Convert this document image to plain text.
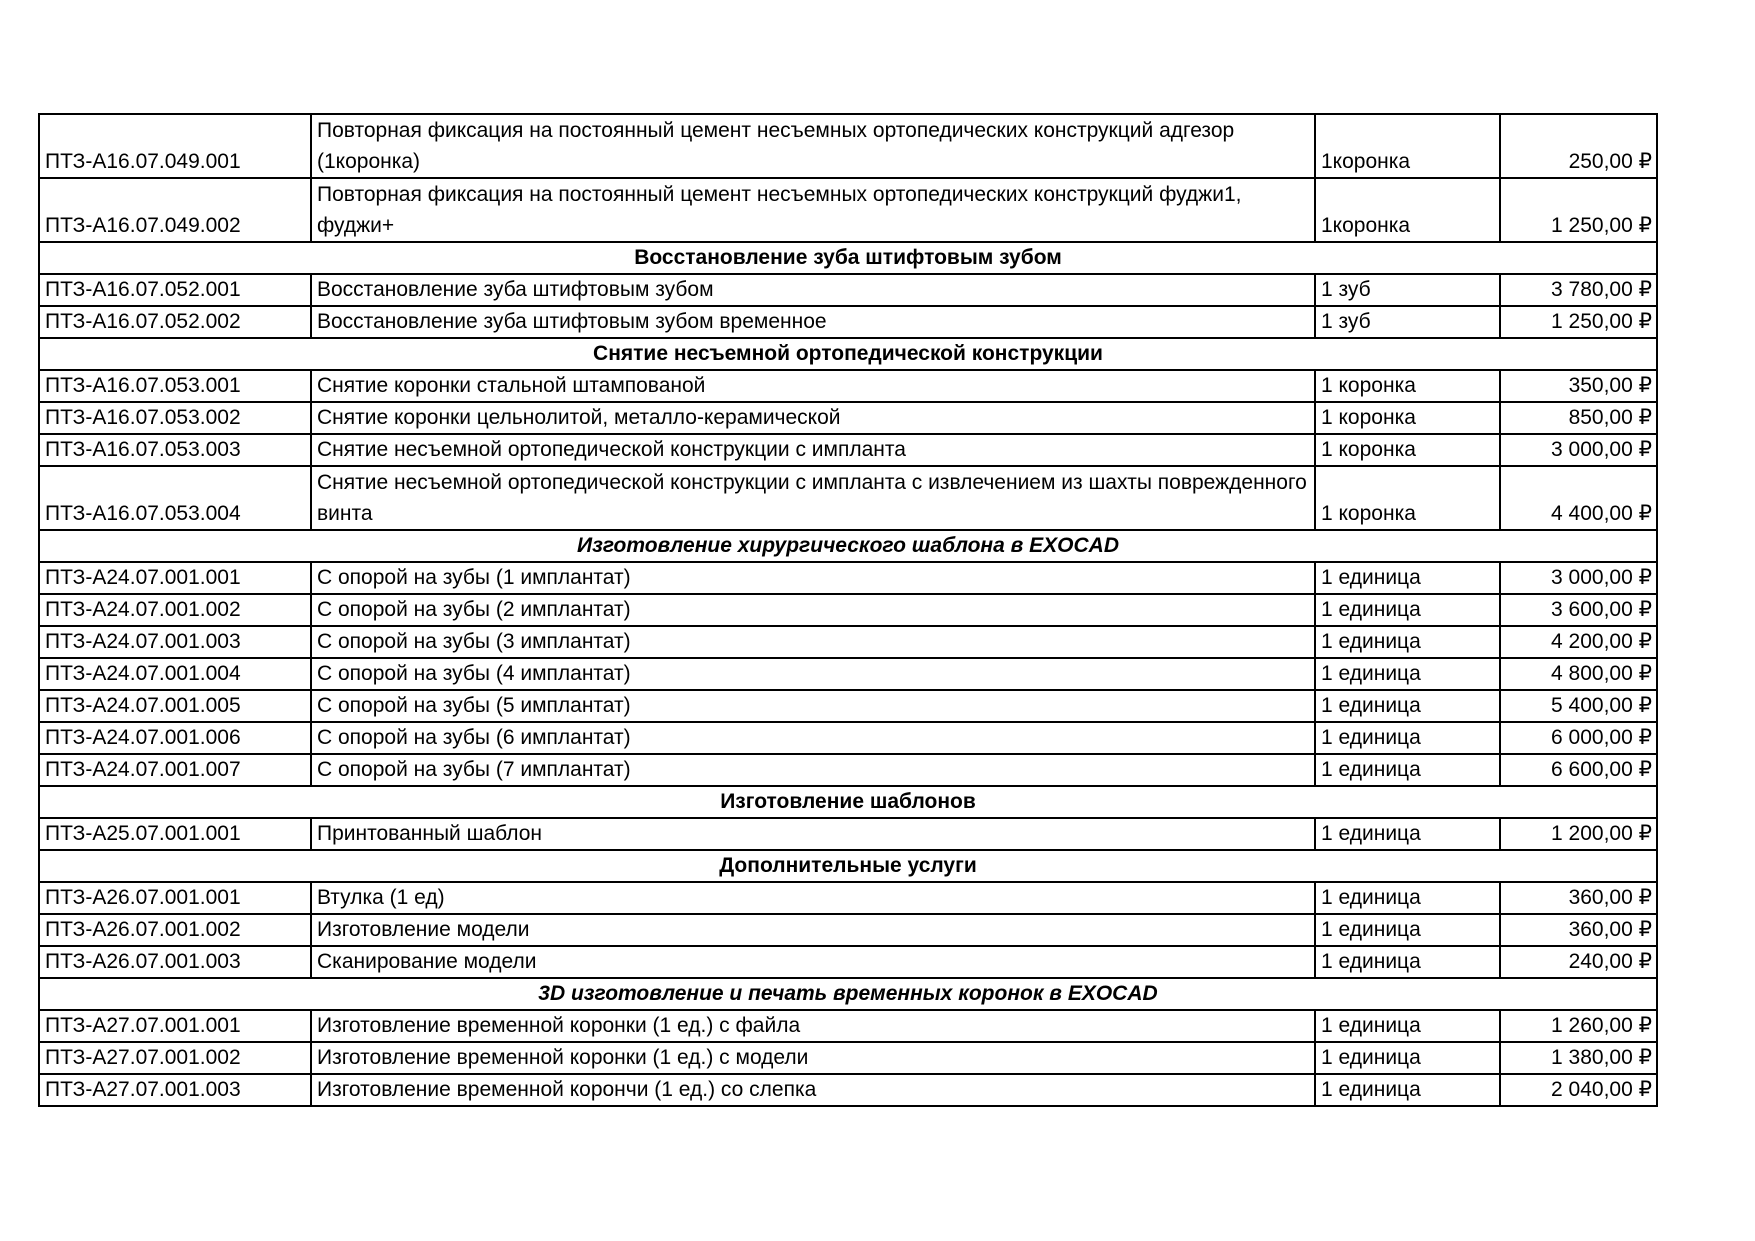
ПТЗ-А16.07.049.001	Повторная фиксация на постоянный цемент несъемных ортопедических конструкций адгезор (1коронка)	1коронка	250,00 ₽
ПТЗ-А16.07.049.002	Повторная фиксация на постоянный цемент несъемных ортопедических конструкций фуджи1, фуджи+	1коронка	1 250,00 ₽
Восстановление зуба штифтовым зубом			
ПТЗ-А16.07.052.001	Восстановление зуба штифтовым зубом	1 зуб	3 780,00 ₽
ПТЗ-А16.07.052.002	Восстановление зуба штифтовым зубом временное	1 зуб	1 250,00 ₽
Снятие несъемной ортопедической конструкции			
ПТЗ-А16.07.053.001	Снятие коронки стальной штампованой	1 коронка	350,00 ₽
ПТЗ-А16.07.053.002	Снятие коронки цельнолитой, металло-керамической	1 коронка	850,00 ₽
ПТЗ-А16.07.053.003	Снятие несъемной ортопедической конструкции с импланта	1 коронка	3 000,00 ₽
ПТЗ-А16.07.053.004	Снятие несъемной ортопедической конструкции с импланта с извлечением из шахты поврежденного винта	1 коронка	4 400,00 ₽
Изготовление хирургического шаблона в EXOCAD			
ПТЗ-А24.07.001.001	С опорой на зубы (1 имплантат)	1 единица	3 000,00 ₽
ПТЗ-А24.07.001.002	С опорой на зубы (2 имплантат)	1 единица	3 600,00 ₽
ПТЗ-А24.07.001.003	С опорой на зубы (3 имплантат)	1 единица	4 200,00 ₽
ПТЗ-А24.07.001.004	С опорой на зубы (4 имплантат)	1 единица	4 800,00 ₽
ПТЗ-А24.07.001.005	С опорой на зубы (5 имплантат)	1 единица	5 400,00 ₽
ПТЗ-А24.07.001.006	С опорой на зубы (6 имплантат)	1 единица	6 000,00 ₽
ПТЗ-А24.07.001.007	С опорой на зубы (7 имплантат)	1 единица	6 600,00 ₽
Изготовление шаблонов			
ПТЗ-А25.07.001.001	Принтованный шаблон	1 единица	1 200,00 ₽
Дополнительные услуги			
ПТЗ-А26.07.001.001	Втулка (1 ед)	1 единица	360,00 ₽
ПТЗ-А26.07.001.002	Изготовление модели	1 единица	360,00 ₽
ПТЗ-А26.07.001.003	Сканирование модели	1 единица	240,00 ₽
3D изготовление и печать временных коронок в EXOCAD			
ПТЗ-А27.07.001.001	Изготовление временной коронки (1 ед.) с файла	1 единица	1 260,00 ₽
ПТЗ-А27.07.001.002	Изготовление временной коронки (1 ед.) с модели	1 единица	1 380,00 ₽
ПТЗ-А27.07.001.003	Изготовление временной корончи (1 ед.) со слепка	1 единица	2 040,00 ₽
